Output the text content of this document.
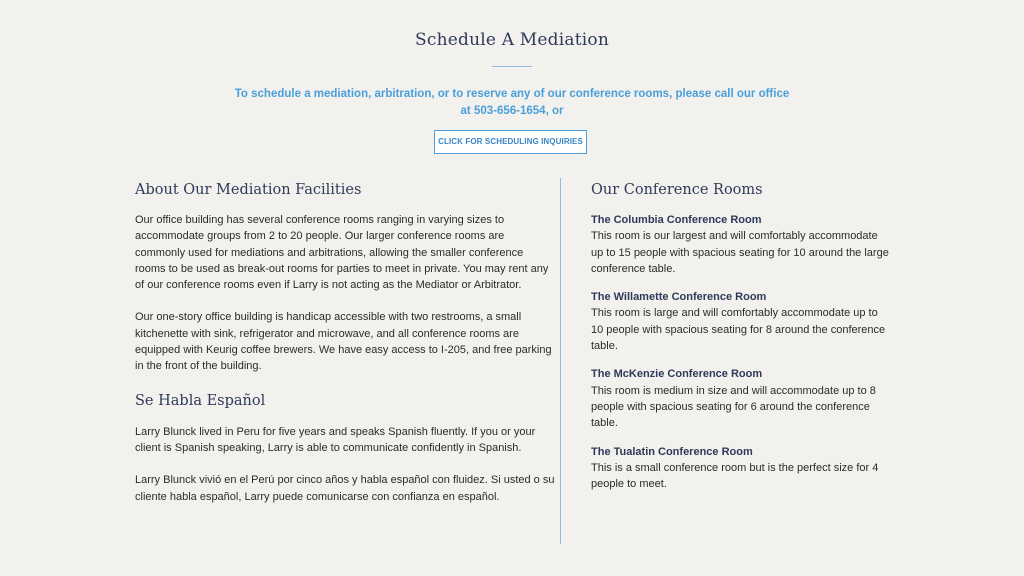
Schedule A Mediation

To schedule a mediation, arbitration, or to reserve any of our conference rooms, please call our office at 503-656-1654, or

CLICK FOR SCHEDULING INQUIRIES
About Our Mediation Facilities

Our office building has several conference rooms ranging in varying sizes to accommodate groups from 2 to 20 people. Our larger conference rooms are commonly used for mediations and arbitrations, allowing the smaller conference rooms to be used as break-out rooms for parties to meet in private. You may rent any of our conference rooms even if Larry is not acting as the Mediator or Arbitrator.

Our one-story office building is handicap accessible with two restrooms, a small kitchenette with sink, refrigerator and microwave, and all conference rooms are equipped with Keurig coffee brewers. We have easy access to I-205, and free parking in the front of the building.

Se Habla Español

Larry Blunck lived in Peru for five years and speaks Spanish fluently. If you or your client is Spanish speaking, Larry is able to communicate confidently in Spanish.

Larry Blunck vivió en el Perú por cinco años y habla español con fluidez. Si usted o su cliente habla español, Larry puede comunicarse con confianza en español.

Our Conference Rooms
The Columbia Conference Room
This room is our largest and will comfortably accommodate up to 15 people with spacious seating for 10 around the large conference table.
The Willamette Conference Room
This room is large and will comfortably accommodate up to 10 people with spacious seating for 8 around the conference table.
The McKenzie Conference Room
This room is medium in size and will accommodate up to 8 people with spacious seating for 6 around the conference table.
The Tualatin Conference Room
This is a small conference room but is the perfect size for 4 people to meet.
